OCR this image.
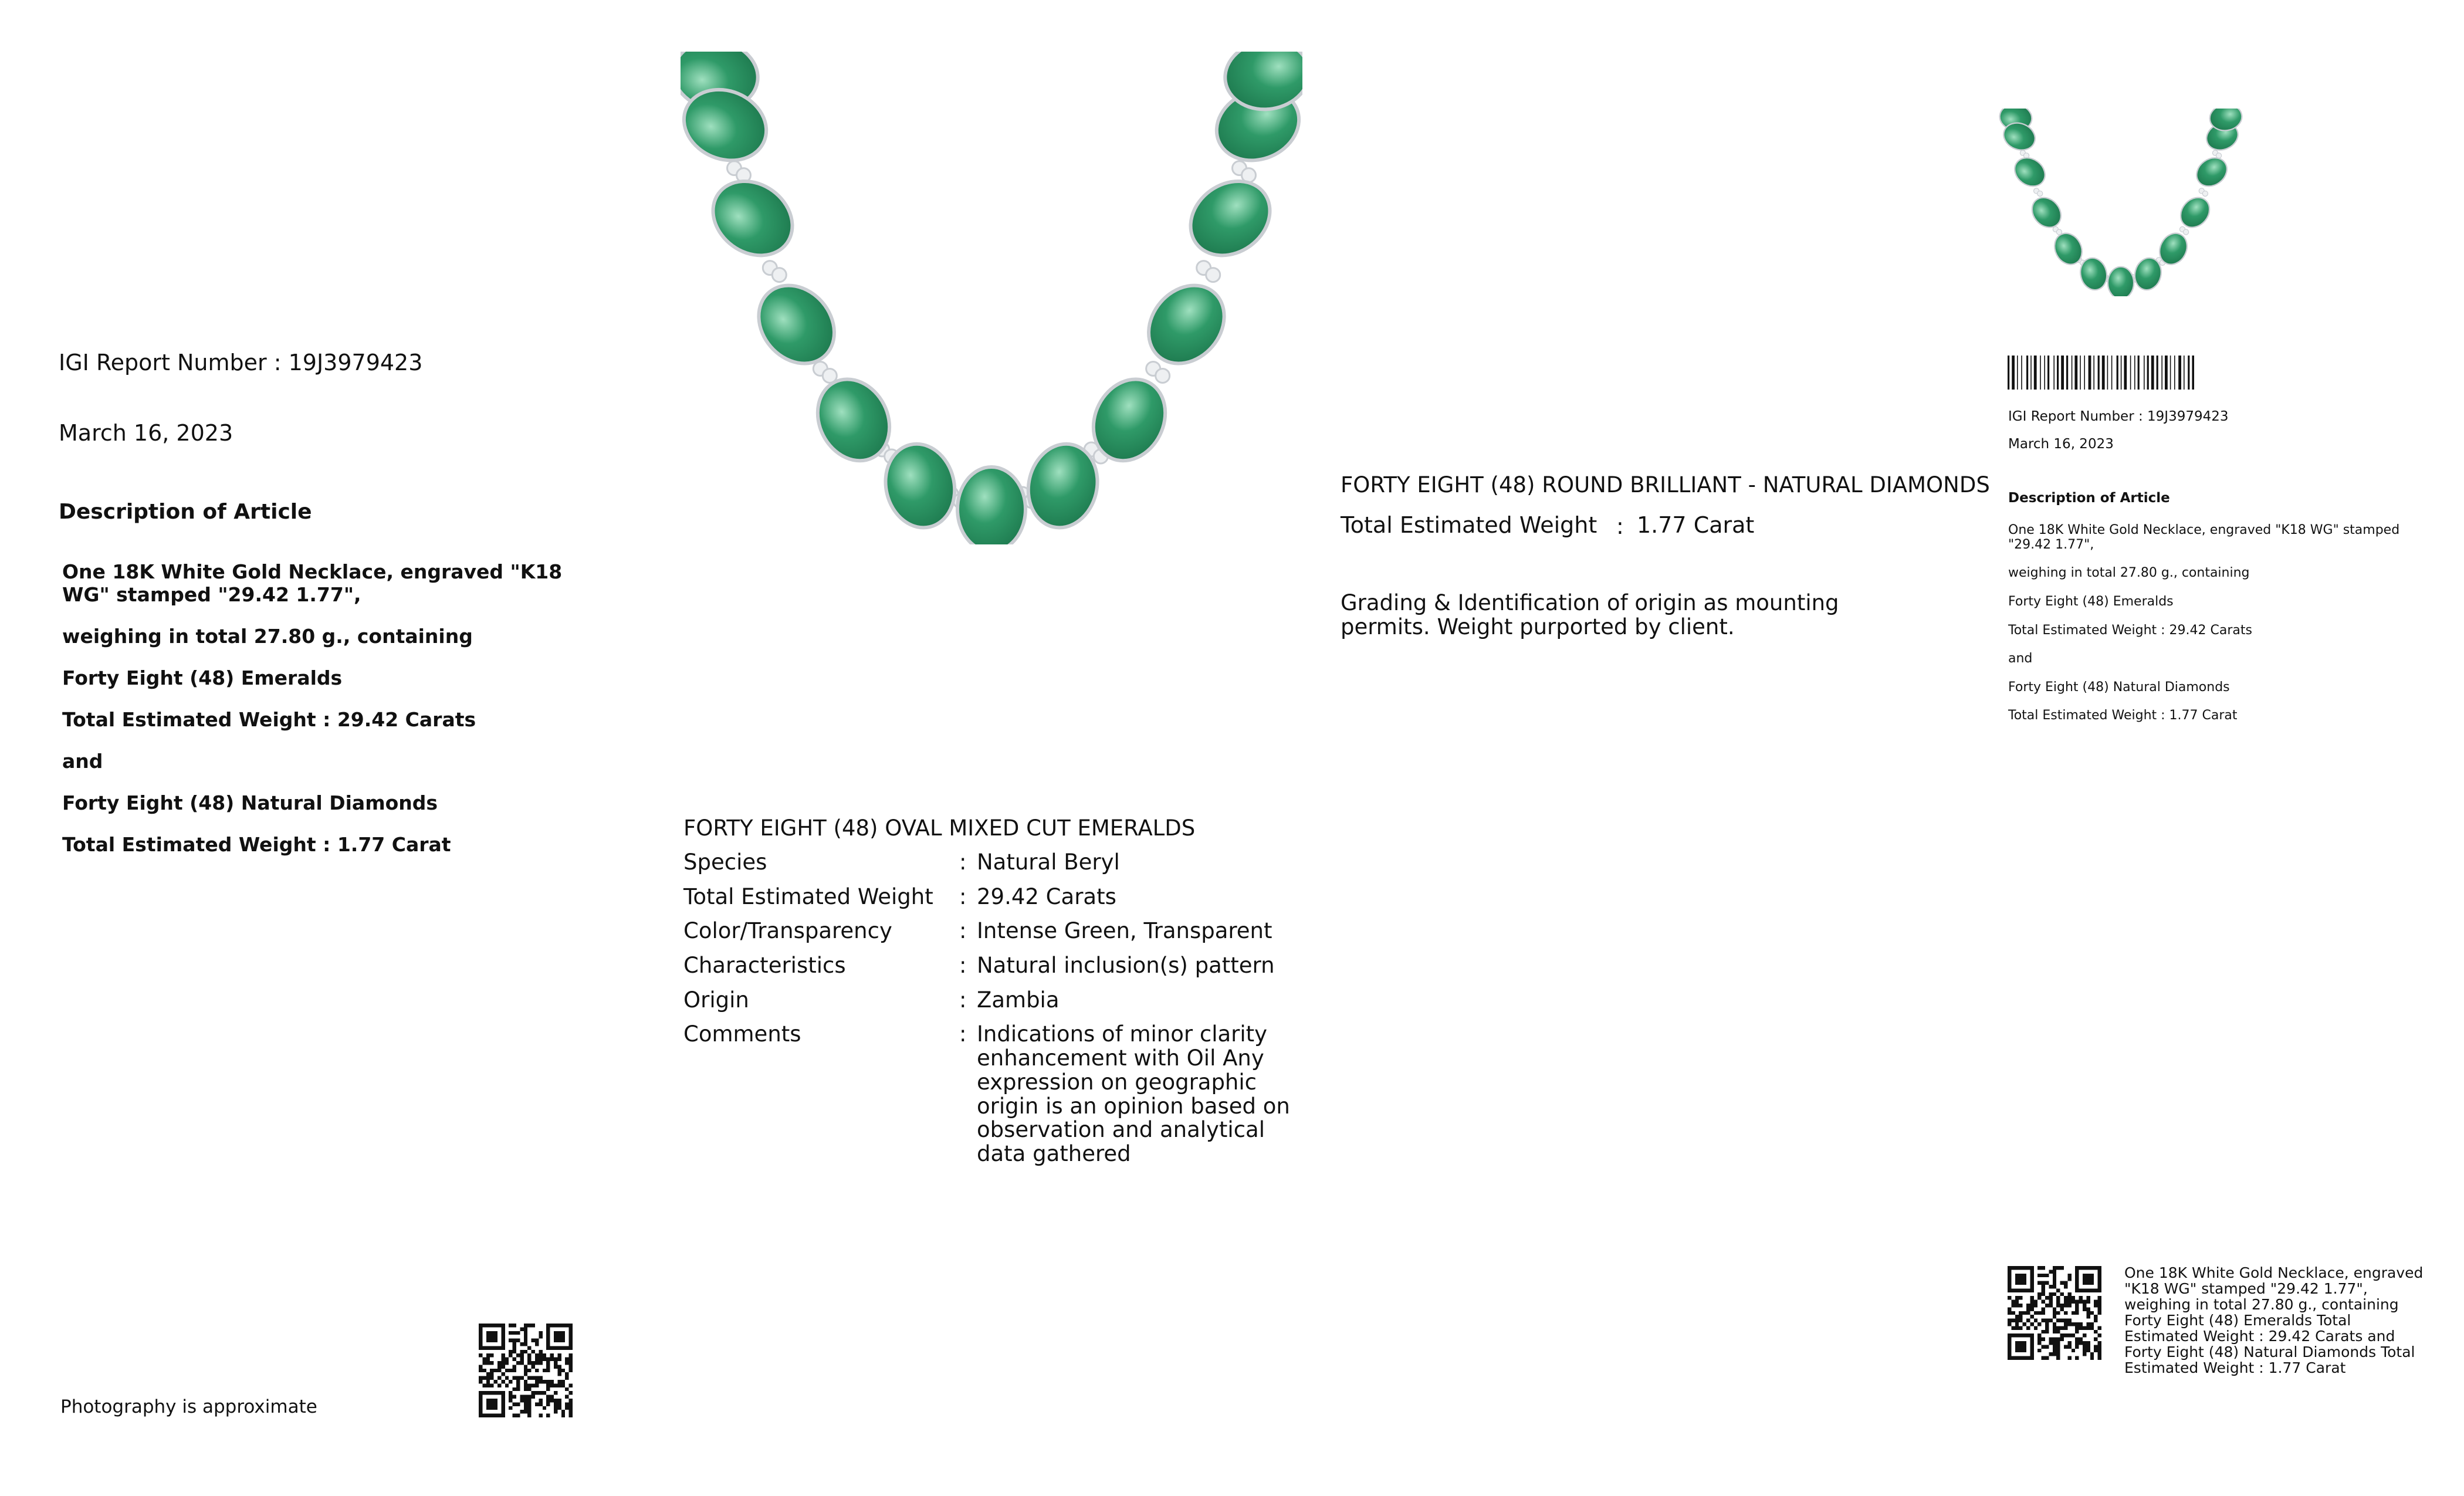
IGI Report Number : 19J3979423
March 16, 2023
Description of Article
One 18K White Gold Necklace, engraved "K18 WG" stamped "29.42 1.77",
weighing in total 27.80 g., containing
Forty Eight (48) Emeralds
Total Estimated Weight : 29.42 Carats
and
Forty Eight (48) Natural Diamonds
Total Estimated Weight : 1.77 Carat
Photography is approximate
FORTY EIGHT (48) OVAL MIXED CUT EMERALDS
Species	: Natural Beryl
Total Estimated Weight	: 29.42 Carats
Color/Transparency	: Intense Green, Transparent
Characteristics	: Natural inclusion(s) pattern
Origin	: Zambia
Comments	: Indications of minor clarity enhancement with Oil Any expression on geographic origin is an opinion based on observation and analytical data gathered
FORTY EIGHT (48) ROUND BRILLIANT - NATURAL DIAMONDS
Total Estimated Weight : 1.77 Carat
Grading & Identification of origin as mounting permits. Weight purported by client.
IGI Report Number : 19J3979423
March 16, 2023
Description of Article
One 18K White Gold Necklace, engraved "K18 WG" stamped "29.42 1.77",
weighing in total 27.80 g., containing
Forty Eight (48) Emeralds
Total Estimated Weight : 29.42 Carats
and
Forty Eight (48) Natural Diamonds
Total Estimated Weight : 1.77 Carat
One 18K White Gold Necklace, engraved "K18 WG" stamped "29.42 1.77", weighing in total 27.80 g., containing Forty Eight (48) Emeralds Total Estimated Weight : 29.42 Carats and Forty Eight (48) Natural Diamonds Total Estimated Weight : 1.77 Carat
